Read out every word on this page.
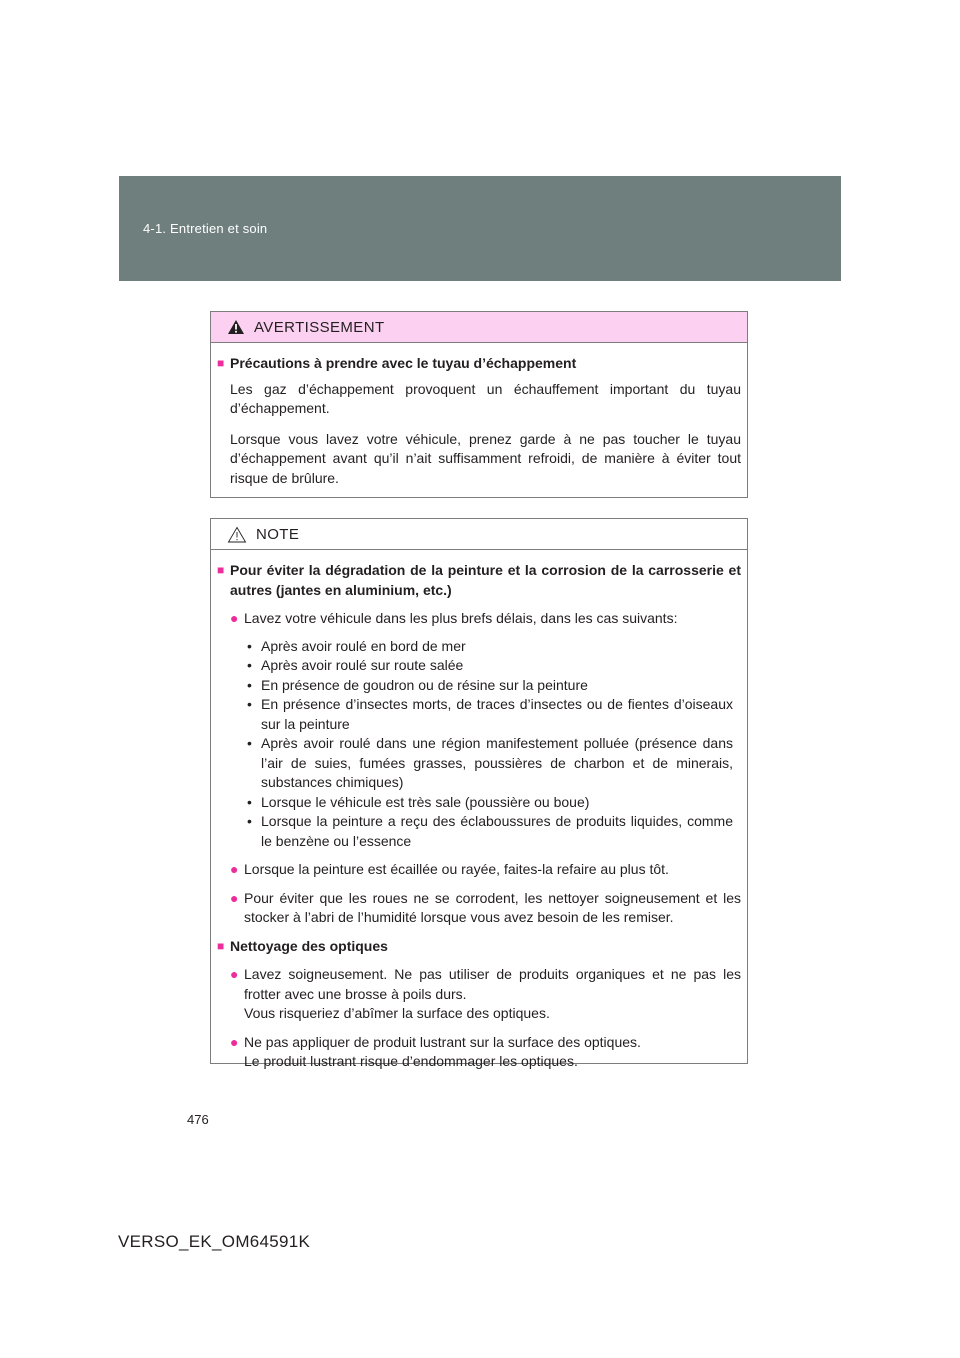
4-1. Entretien et soin
AVERTISSEMENT
■ Précautions à prendre avec le tuyau d’échappement
Les gaz d’échappement provoquent un échauffement important du tuyau d’échappement.
Lorsque vous lavez votre véhicule, prenez garde à ne pas toucher le tuyau d’échappement avant qu’il n’ait suffisamment refroidi, de manière à éviter tout risque de brûlure.
NOTE
■ Pour éviter la dégradation de la peinture et la corrosion de la carrosserie et autres (jantes en aluminium, etc.)
● Lavez votre véhicule dans les plus brefs délais, dans les cas suivants:
• Après avoir roulé en bord de mer
• Après avoir roulé sur route salée
• En présence de goudron ou de résine sur la peinture
• En présence d’insectes morts, de traces d’insectes ou de fientes d’oiseaux sur la peinture
• Après avoir roulé dans une région manifestement polluée (présence dans l’air de suies, fumées grasses, poussières de charbon et de minerais, substances chimiques)
• Lorsque le véhicule est très sale (poussière ou boue)
• Lorsque la peinture a reçu des éclaboussures de produits liquides, comme le benzène ou l’essence
● Lorsque la peinture est écaillée ou rayée, faites-la refaire au plus tôt.
● Pour éviter que les roues ne se corrodent, les nettoyer soigneusement et les stocker à l’abri de l’humidité lorsque vous avez besoin de les remiser.
■ Nettoyage des optiques
● Lavez soigneusement. Ne pas utiliser de produits organiques et ne pas les frotter avec une brosse à poils durs.
Vous risqueriez d’abîmer la surface des optiques.
● Ne pas appliquer de produit lustrant sur la surface des optiques.
Le produit lustrant risque d’endommager les optiques.
476
VERSO_EK_OM64591K
